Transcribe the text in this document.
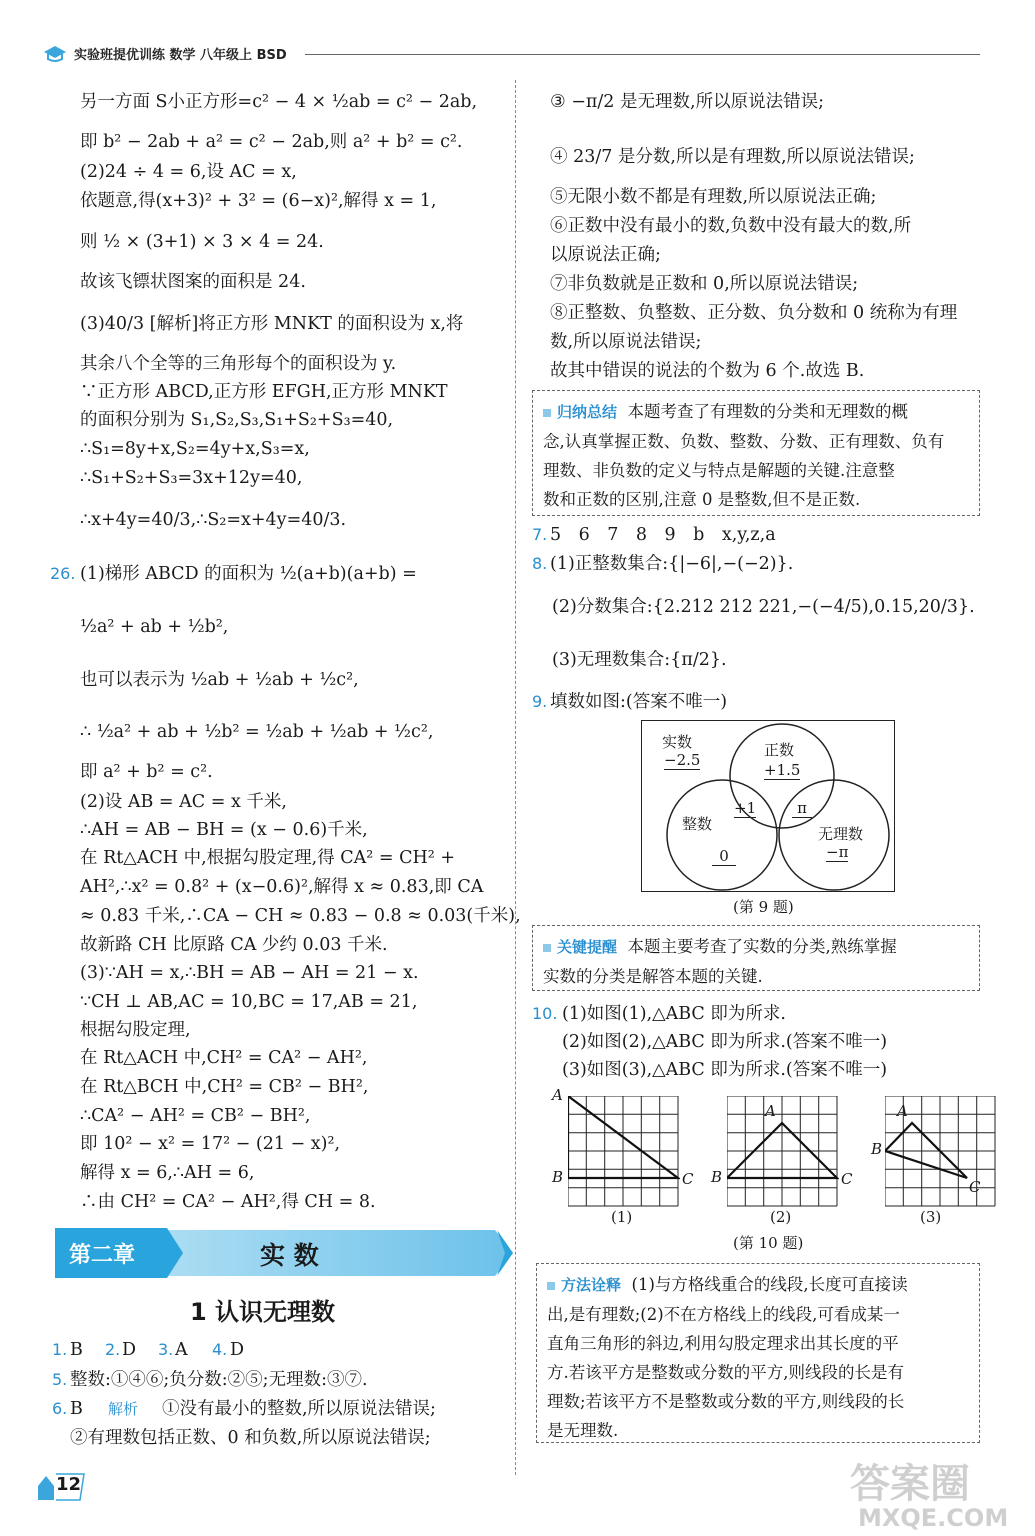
实验班提优训练 数学 八年级上 BSD
另一方面 S小正方形=c² − 4 × ½ab = c² − 2ab,
即 b² − 2ab + a² = c² − 2ab,则 a² + b² = c².
(2)24 ÷ 4 = 6,设 AC = x,
依题意,得(x+3)² + 3² = (6−x)²,解得 x = 1,
则 ½ × (3+1) × 3 × 4 = 24.
故该飞镖状图案的面积是 24.
(3)40/3 [解析]将正方形 MNKT 的面积设为 x,将
其余八个全等的三角形每个的面积设为 y.
∵正方形 ABCD,正方形 EFGH,正方形 MNKT
的面积分别为 S₁,S₂,S₃,S₁+S₂+S₃=40,
∴S₁=8y+x,S₂=4y+x,S₃=x,
∴S₁+S₂+S₃=3x+12y=40,
∴x+4y=40/3,∴S₂=x+4y=40/3.
26. (1)梯形 ABCD 的面积为 ½(a+b)(a+b) =
½a² + ab + ½b²,
也可以表示为 ½ab + ½ab + ½c²,
∴ ½a² + ab + ½b² = ½ab + ½ab + ½c²,
即 a² + b² = c².
(2)设 AB = AC = x 千米,
∴AH = AB − BH = (x − 0.6)千米,
在 Rt△ACH 中,根据勾股定理,得 CA² = CH² +
AH²,∴x² = 0.8² + (x−0.6)²,解得 x ≈ 0.83,即 CA
≈ 0.83 千米,∴CA − CH ≈ 0.83 − 0.8 ≈ 0.03(千米),
故新路 CH 比原路 CA 少约 0.03 千米.
(3)∵AH = x,∴BH = AB − AH = 21 − x.
∵CH ⊥ AB,AC = 10,BC = 17,AB = 21,
根据勾股定理,
在 Rt△ACH 中,CH² = CA² − AH²,
在 Rt△BCH 中,CH² = CB² − BH²,
∴CA² − AH² = CB² − BH²,
即 10² − x² = 17² − (21 − x)²,
解得 x = 6,∴AH = 6,
∴由 CH² = CA² − AH²,得 CH = 8.
第二章	实 数
1 认识无理数
1. B 2. D 3. A 4. D
5. 整数:①④⑥;负分数:②⑤;无理数:③⑦.
6. B 解析 ①没有最小的整数,所以原说法错误;
②有理数包括正数、0 和负数,所以原说法错误;
③ −π/2 是无理数,所以原说法错误;
④ 23/7 是分数,所以是有理数,所以原说法错误;
⑤无限小数不都是有理数,所以原说法正确;
⑥正数中没有最小的数,负数中没有最大的数,所
以原说法正确;
⑦非负数就是正数和 0,所以原说法错误;
⑧正整数、负整数、正分数、负分数和 0 统称为有理
数,所以原说法错误;
故其中错误的说法的个数为 6 个.故选 B.
归纳总结 本题考查了有理数的分类和无理数的概
念,认真掌握正数、负数、整数、分数、正有理数、负有
理数、非负数的定义与特点是解题的关键.注意整
数和正数的区别,注意 0 是整数,但不是正数.
7. 5　6　7　8　9　b　x,y,z,a
8. (1)正整数集合:{|−6|,−(−2)}.
(2)分数集合:{2.212 212 221,−(−4/5),0.15,20/3}.
(3)无理数集合:{π/2}.
9. 填数如图:(答案不唯一)
实数
−2.5
正数
+1.5
整数
0
无理数
−π
+1	π
(第 9 题)
关键提醒 本题主要考查了实数的分类,熟练掌握
实数的分类是解答本题的关键.
10. (1)如图(1),△ABC 即为所求.
(2)如图(2),△ABC 即为所求.(答案不唯一)
(3)如图(3),△ABC 即为所求.(答案不唯一)
A
B	C
A
B	C
A
B
C
(1)	(2)	(3)
(第 10 题)
方法诠释 (1)与方格线重合的线段,长度可直接读
出,是有理数;(2)不在方格线上的线段,可看成某一
直角三角形的斜边,利用勾股定理求出其长度的平
方.若该平方是整数或分数的平方,则线段的长是有
理数;若该平方不是整数或分数的平方,则线段的长
是无理数.
12	答案圈
MXQE.COM
